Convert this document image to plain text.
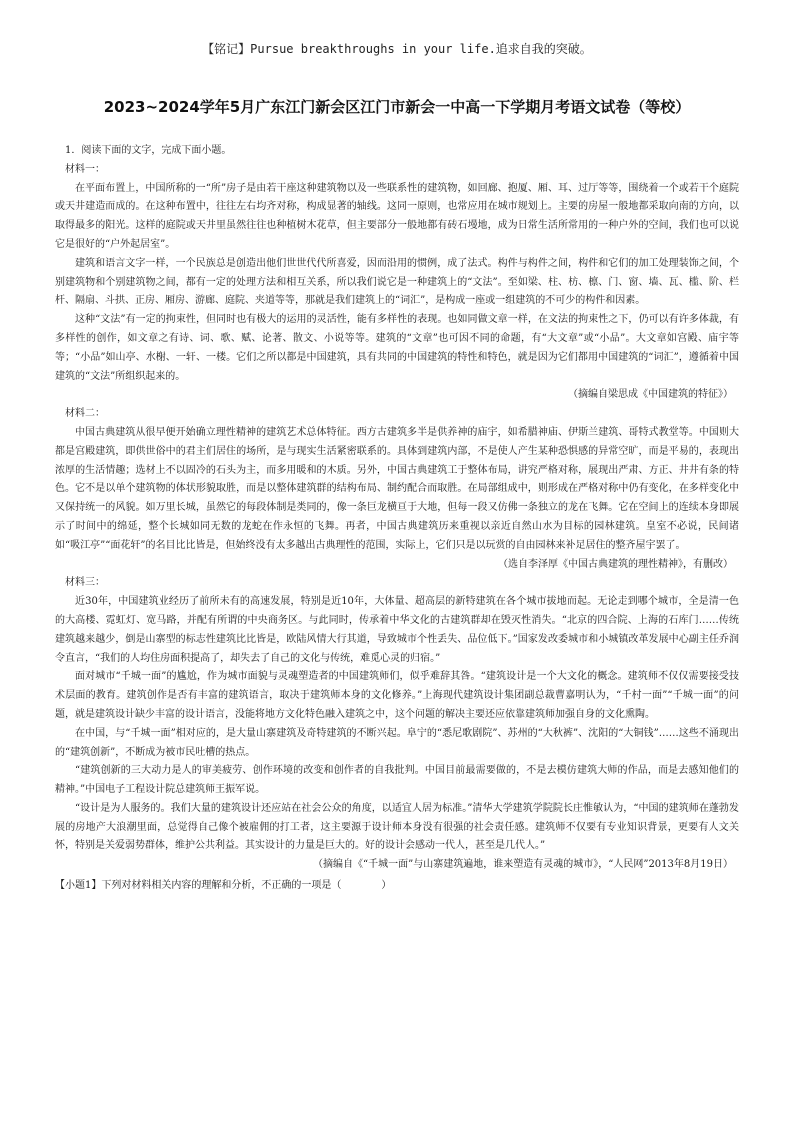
【铭记】Pursue breakthroughs in your life.追求自我的突破。
2023~2024学年5月广东江门新会区江门市新会一中高一下学期月考语文试卷（等校）

1．阅读下面的文字，完成下面小题。

材料一：

在平面布置上，中国所称的一“所”房子是由若干座这种建筑物以及一些联系性的建筑物，如回廊、抱厦、厢、耳、过厅等等，围绕着一个或若干个庭院或天井建造而成的。在这种布置中，往往左右均齐对称，构成显著的轴线。这同一原则，也常应用在城市规划上。主要的房屋一般地都采取向南的方向，以取得最多的阳光。这样的庭院或天井里虽然往往也种植树木花草，但主要部分一般地都有砖石墁地，成为日常生活所常用的一种户外的空间，我们也可以说它是很好的“户外起居室”。

建筑和语言文字一样，一个民族总是创造出他们世世代代所喜爱，因而沿用的惯例，成了法式。构件与构件之间，构件和它们的加工处理装饰之间，个别建筑物和个别建筑物之间，都有一定的处理方法和相互关系，所以我们说它是一种建筑上的“文法”。至如梁、柱、枋、檩、门、窗、墙、瓦、槛、阶、栏杆、隔扇、斗拱、正房、厢房、游廊、庭院、夹道等等，那就是我们建筑上的“词汇”，是构成一座或一组建筑的不可少的构件和因素。

这种“文法”有一定的拘束性，但同时也有极大的运用的灵活性，能有多样性的表现。也如同做文章一样，在文法的拘束性之下，仍可以有许多体裁，有多样性的创作，如文章之有诗、词、歌、赋、论著、散文、小说等等。建筑的“文章”也可因不同的命题，有“大文章”或“小品”。大文章如宫殿、庙宇等等；“小品”如山亭、水榭、一轩、一楼。它们之所以都是中国建筑，具有共同的中国建筑的特性和特色，就是因为它们都用中国建筑的“词汇”，遵循着中国建筑的“文法”所组织起来的。

（摘编自梁思成《中国建筑的特征》）

材料二：

中国古典建筑从很早便开始确立理性精神的建筑艺术总体特征。西方古建筑多半是供养神的庙宇，如希腊神庙、伊斯兰建筑、哥特式教堂等。中国则大都是宫殿建筑，即供世俗中的君主们居住的场所，是与现实生活紧密联系的。具体到建筑内部，不是使人产生某种恐惧感的异常空旷，而是平易的，表现出浓厚的生活情趣；选材上不以固冷的石头为主，而多用暖和的木质。另外，中国古典建筑工于整体布局，讲究严格对称，展现出严肃、方正、井井有条的特色。它不是以单个建筑物的体状形貌取胜，而是以整体建筑群的结构布局、制约配合而取胜。在局部组成中，则形成在严格对称中仍有变化，在多样变化中又保持统一的风貌。如万里长城，虽然它的每段体制是类同的，像一条巨龙横亘于大地，但每一段又仿佛一条独立的龙在飞舞。它在空间上的连续本身即展示了时间中的绵延，整个长城如同无数的龙蛇在作永恒的飞舞。再者，中国古典建筑历来重视以亲近自然山水为目标的园林建筑。皇室不必说，民间诸如“吸江亭”“面花轩”的名目比比皆是，但始终没有太多越出古典理性的范围，实际上，它们只是以玩赏的自由园林来补足居住的整齐屋宇罢了。

（选自李泽厚《中国古典建筑的理性精神》，有删改）

材料三：

近30年，中国建筑业经历了前所未有的高速发展，特别是近10年，大体量、超高层的新特建筑在各个城市拔地而起。无论走到哪个城市，全是清一色的大高楼、霓虹灯、宽马路，并配有所谓的中央商务区。与此同时，传承着中华文化的古建筑群却在毁灭性消失。“北京的四合院、上海的石库门……传统建筑越来越少，倒是山寨型的标志性建筑比比皆是，欧陆风情大行其道，导致城市个性丢失、品位低下。”国家发改委城市和小城镇改革发展中心副主任乔润令直言，“我们的人均住房面积提高了，却失去了自己的文化与传统，难觅心灵的归宿。”

面对城市“千城一面”的尴尬，作为城市面貌与灵魂塑造者的中国建筑师们，似乎难辞其咎。“建筑设计是一个大文化的概念。建筑师不仅仅需要接受技术层面的教育。建筑创作是否有丰富的建筑语言，取决于建筑师本身的文化修养。”上海现代建筑设计集团副总裁曹嘉明认为，“千村一面”“千城一面”的问题，就是建筑设计缺少丰富的设计语言，没能将地方文化特色融入建筑之中，这个问题的解决主要还应依靠建筑师加强自身的文化熏陶。

在中国，与“千城一面”相对应的，是大量山寨建筑及奇特建筑的不断兴起。阜宁的“悉尼歌剧院”、苏州的“大秋裤”、沈阳的“大铜钱”……这些不涌现出的“建筑创新”，不断成为被市民吐槽的热点。

“建筑创新的三大动力是人的审美疲劳、创作环境的改变和创作者的自我批判。中国目前最需要做的，不是去模仿建筑大师的作品，而是去感知他们的精神。”中国电子工程设计院总建筑师王振军说。

“设计是为人服务的。我们大量的建筑设计还应站在社会公众的角度，以适宜人居为标准。”清华大学建筑学院院长庄惟敏认为，“中国的建筑师在蓬勃发展的房地产大浪潮里面，总觉得自己像个被雇佣的打工者，这主要源于设计师本身没有很强的社会责任感。建筑师不仅要有专业知识背景，更要有人文关怀，特别是关爱弱势群体，维护公共利益。其实设计的力量是巨大的。好的设计会感动一代人，甚至是几代人。”

（摘编自《“千城一面”与山寨建筑遍地，谁来塑造有灵魂的城市》，“人民网”2013年8月19日）

【小题1】下列对材料相关内容的理解和分析，不正确的一项是（　　　　）
